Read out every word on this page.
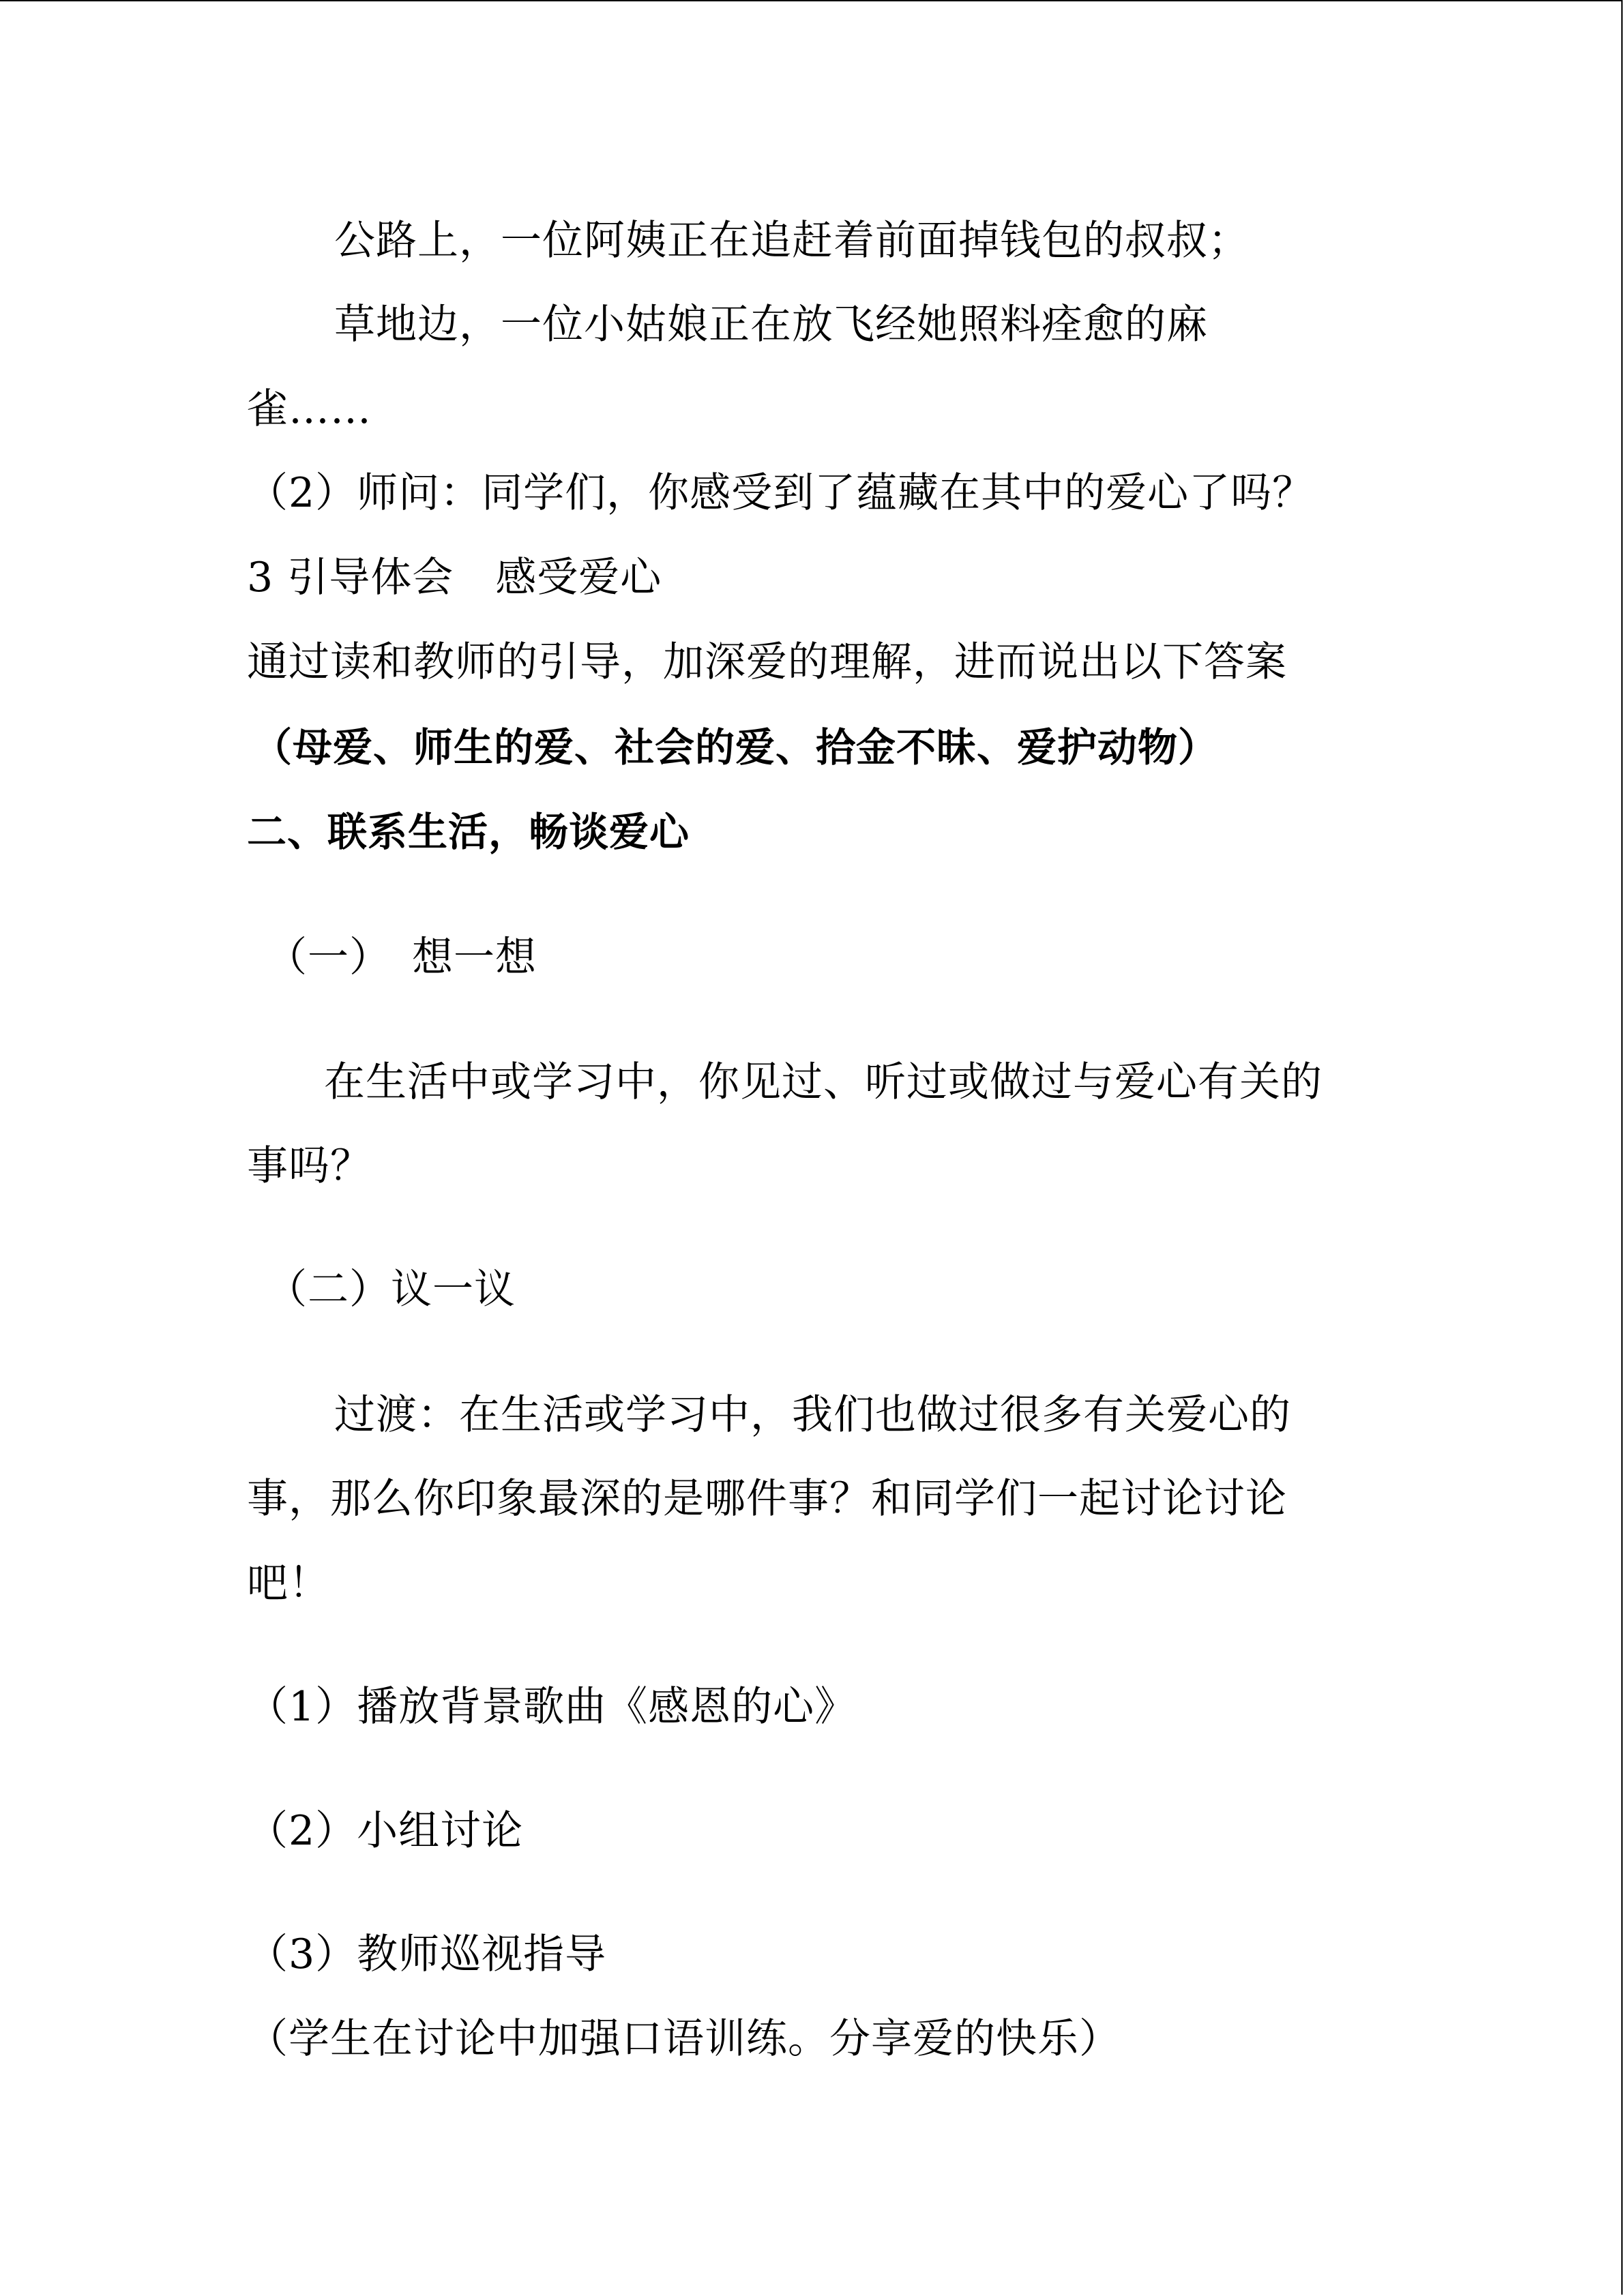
公路上，一位阿姨正在追赶着前面掉钱包的叔叔；
草地边，一位小姑娘正在放飞经她照料痊愈的麻
雀……
（2）师问：同学们，你感受到了蕴藏在其中的爱心了吗？
3 引导体会　感受爱心
通过读和教师的引导，加深爱的理解，进而说出以下答案
（母爱、师生的爱、社会的爱、拾金不昧、爱护动物）
二、联系生活，畅谈爱心
（一）　想一想
在生活中或学习中，你见过、听过或做过与爱心有关的
事吗？
（二）议一议
过渡：在生活或学习中，我们也做过很多有关爱心的
事，那么你印象最深的是哪件事？和同学们一起讨论讨论
吧！
（1）播放背景歌曲《感恩的心》
（2）小组讨论
（3）教师巡视指导
（学生在讨论中加强口语训练。分享爱的快乐）
